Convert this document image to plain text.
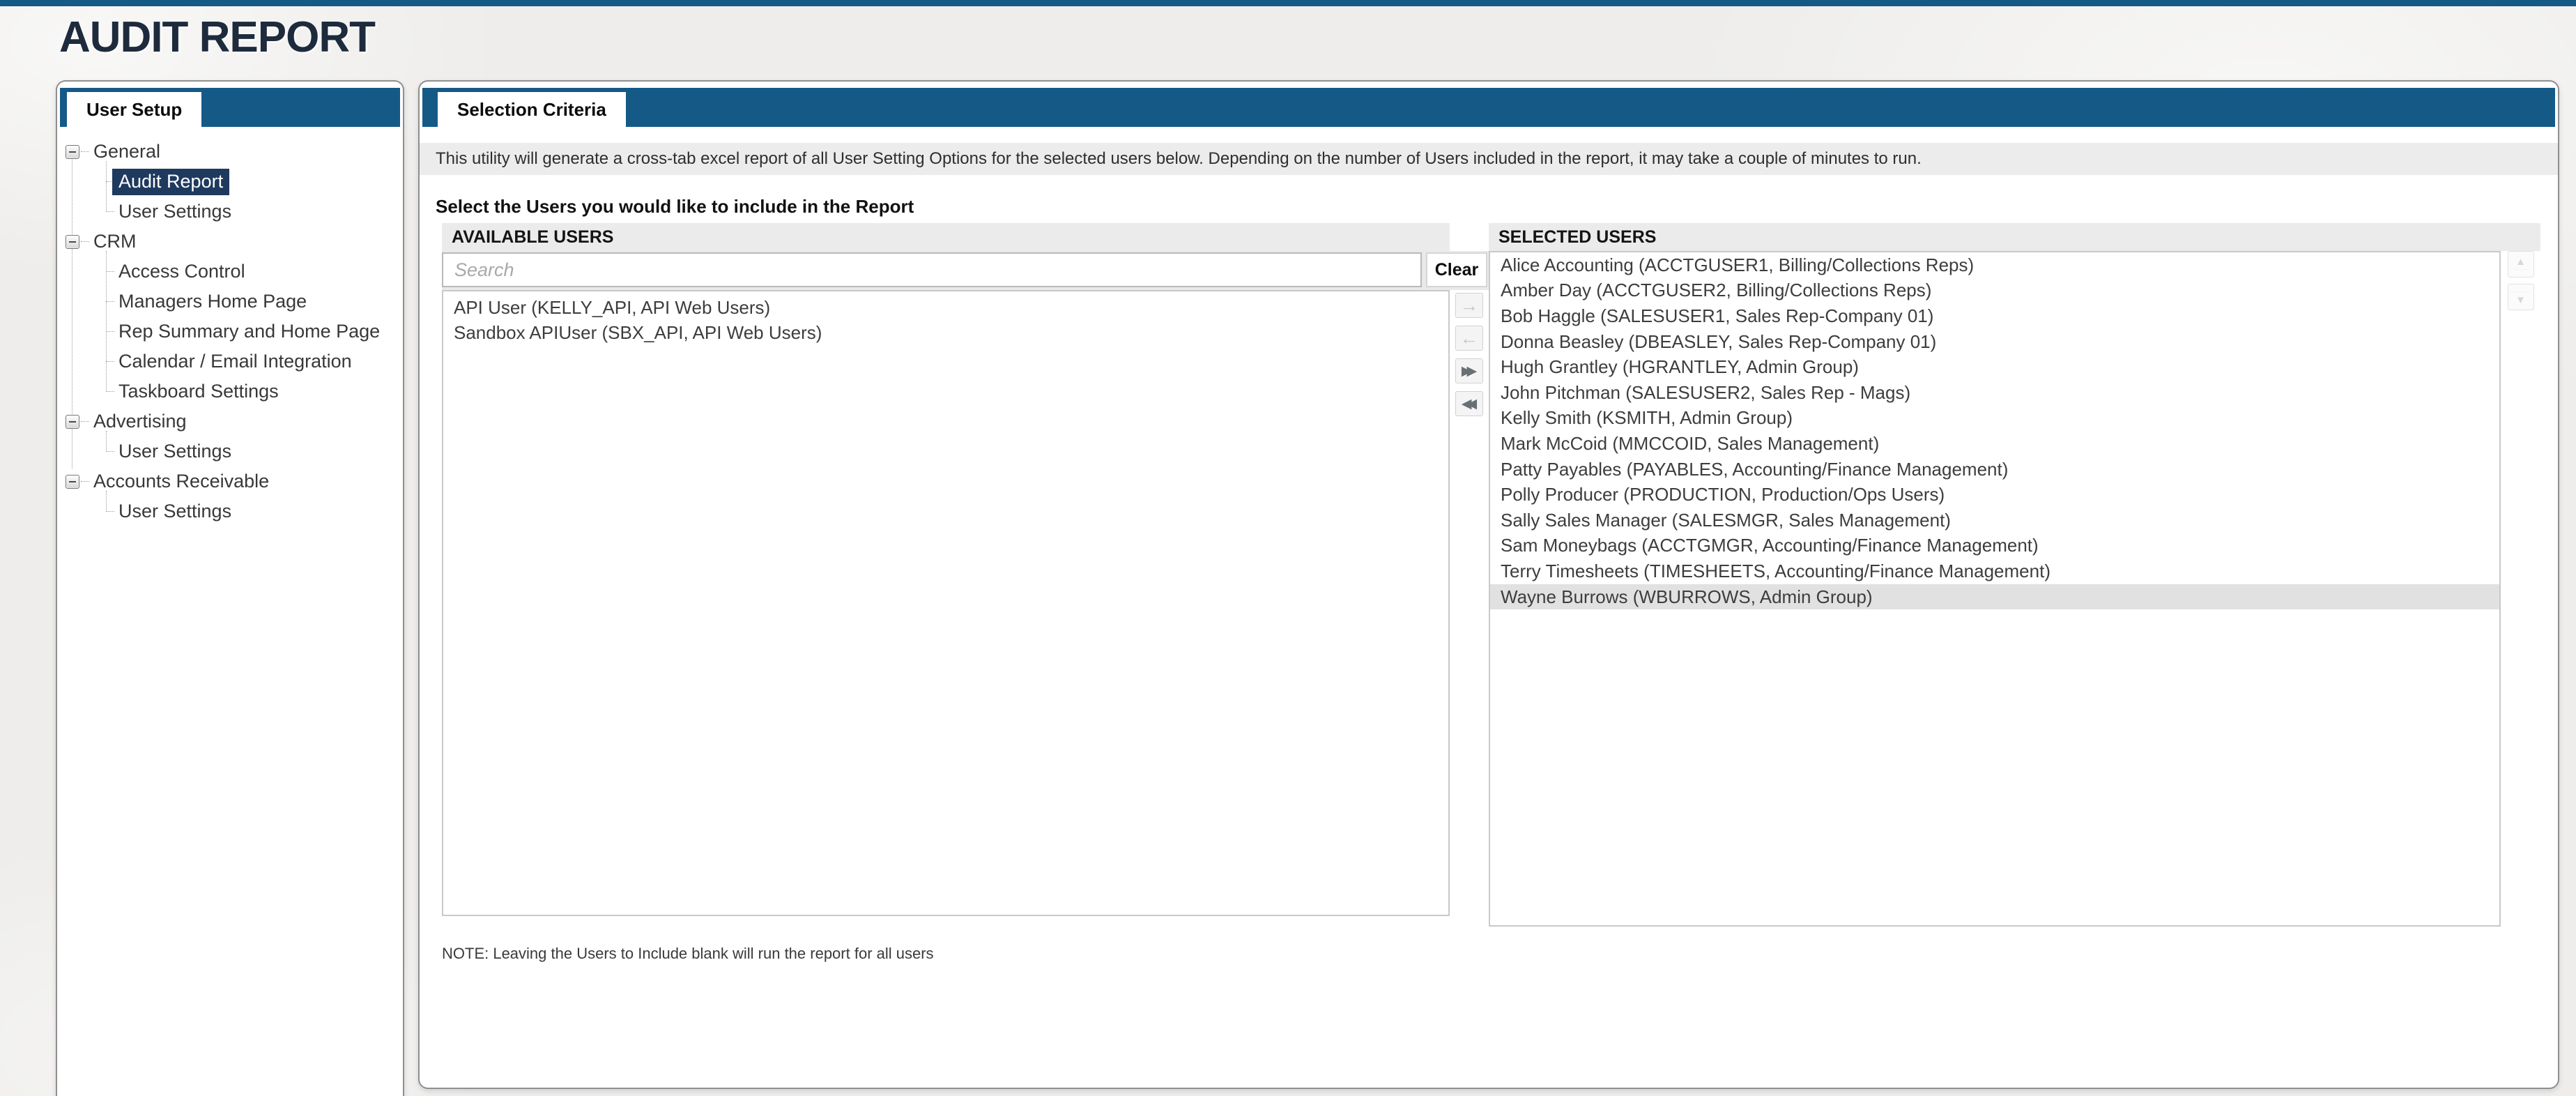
AUDIT REPORT
User Setup
General
Audit Report
User Settings
CRM
Access Control
Managers Home Page
Rep Summary and Home Page
Calendar / Email Integration
Taskboard Settings
Advertising
User Settings
Accounts Receivable
User Settings
Selection Criteria
This utility will generate a cross-tab excel report of all User Setting Options for the selected users below. Depending on the number of Users included in the report, it may take a couple of minutes to run.
Select the Users you would like to include in the Report
AVAILABLE USERS
Search
Clear
API User (KELLY_API, API Web Users)
Sandbox APIUser (SBX_API, API Web Users)
→
←
▶▶
◀◀
SELECTED USERS
Alice Accounting (ACCTGUSER1, Billing/Collections Reps)
Amber Day (ACCTGUSER2, Billing/Collections Reps)
Bob Haggle (SALESUSER1, Sales Rep-Company 01)
Donna Beasley (DBEASLEY, Sales Rep-Company 01)
Hugh Grantley (HGRANTLEY, Admin Group)
John Pitchman (SALESUSER2, Sales Rep - Mags)
Kelly Smith (KSMITH, Admin Group)
Mark McCoid (MMCCOID, Sales Management)
Patty Payables (PAYABLES, Accounting/Finance Management)
Polly Producer (PRODUCTION, Production/Ops Users)
Sally Sales Manager (SALESMGR, Sales Management)
Sam Moneybags (ACCTGMGR, Accounting/Finance Management)
Terry Timesheets (TIMESHEETS, Accounting/Finance Management)
Wayne Burrows (WBURROWS, Admin Group)
▲
·······
·······
▼
NOTE: Leaving the Users to Include blank will run the report for all users
